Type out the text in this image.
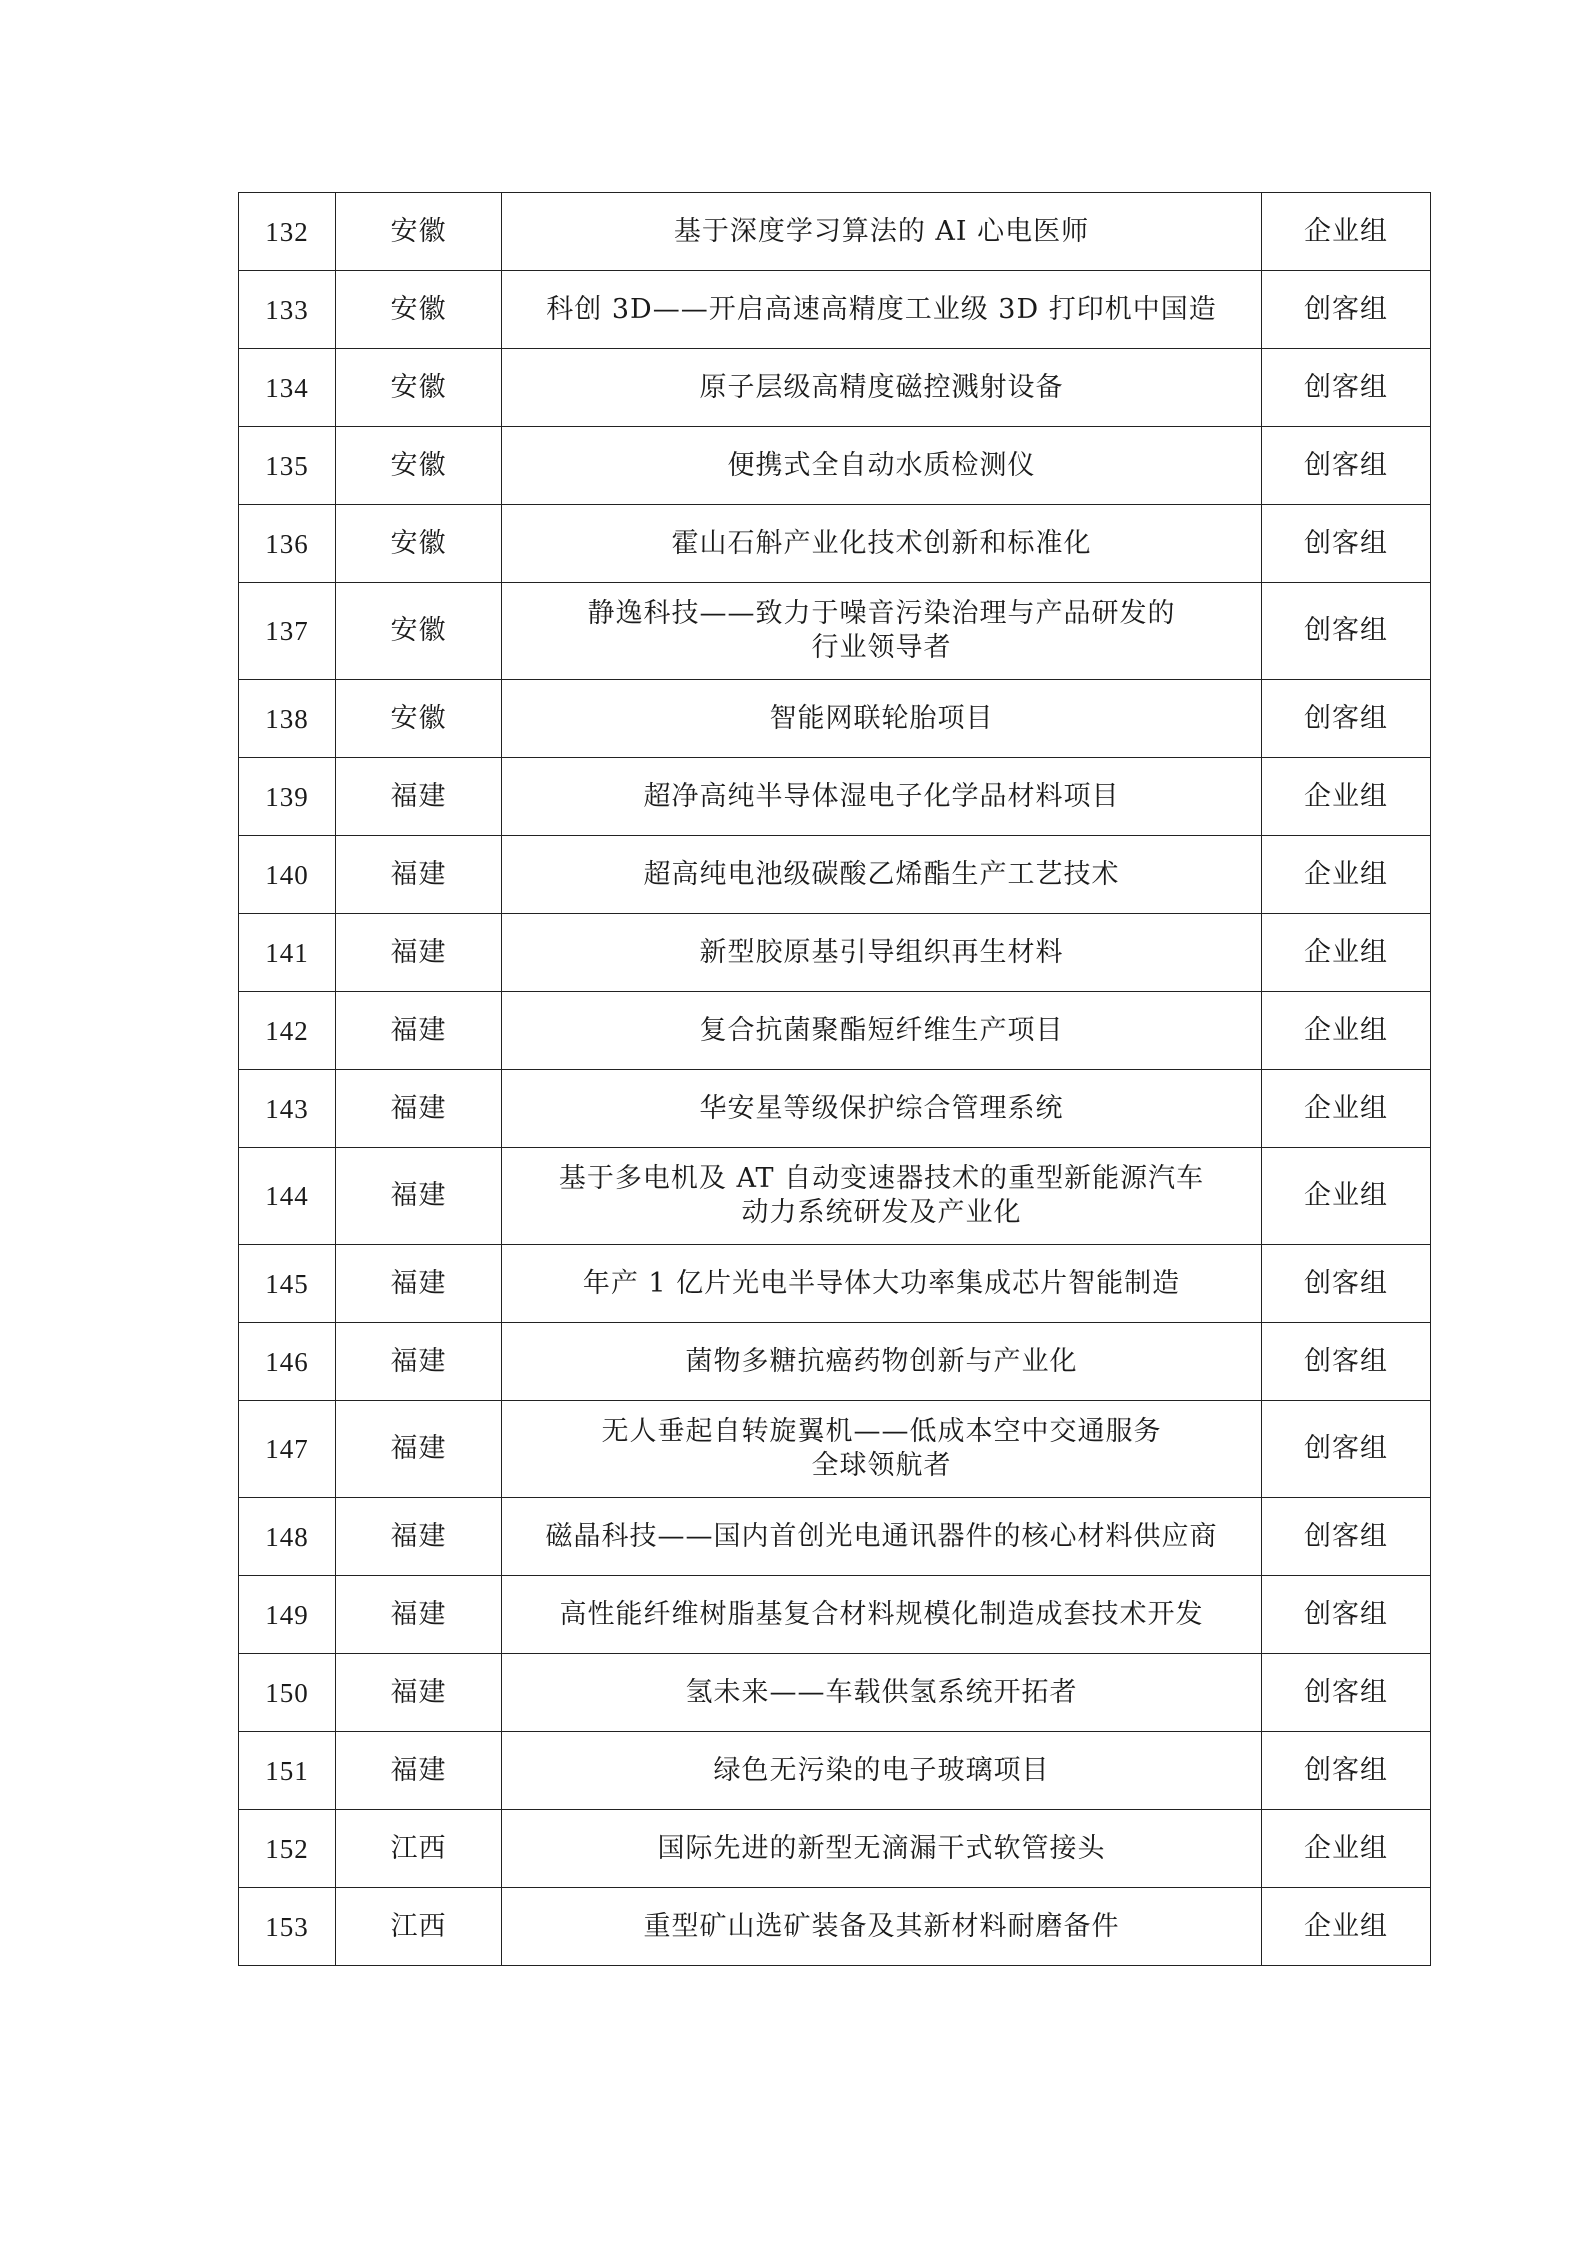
132	安徽	基于深度学习算法的 AI 心电医师	企业组
133	安徽	科创 3D——开启高速高精度工业级 3D 打印机中国造	创客组
134	安徽	原子层级高精度磁控溅射设备	创客组
135	安徽	便携式全自动水质检测仪	创客组
136	安徽	霍山石斛产业化技术创新和标准化	创客组
137	安徽	静逸科技——致力于噪音污染治理与产品研发的
行业领导者	创客组
138	安徽	智能网联轮胎项目	创客组
139	福建	超净高纯半导体湿电子化学品材料项目	企业组
140	福建	超高纯电池级碳酸乙烯酯生产工艺技术	企业组
141	福建	新型胶原基引导组织再生材料	企业组
142	福建	复合抗菌聚酯短纤维生产项目	企业组
143	福建	华安星等级保护综合管理系统	企业组
144	福建	基于多电机及 AT 自动变速器技术的重型新能源汽车
动力系统研发及产业化	企业组
145	福建	年产 1 亿片光电半导体大功率集成芯片智能制造	创客组
146	福建	菌物多糖抗癌药物创新与产业化	创客组
147	福建	无人垂起自转旋翼机——低成本空中交通服务
全球领航者	创客组
148	福建	磁晶科技——国内首创光电通讯器件的核心材料供应商	创客组
149	福建	高性能纤维树脂基复合材料规模化制造成套技术开发	创客组
150	福建	氢未来——车载供氢系统开拓者	创客组
151	福建	绿色无污染的电子玻璃项目	创客组
152	江西	国际先进的新型无滴漏干式软管接头	企业组
153	江西	重型矿山选矿装备及其新材料耐磨备件	企业组
